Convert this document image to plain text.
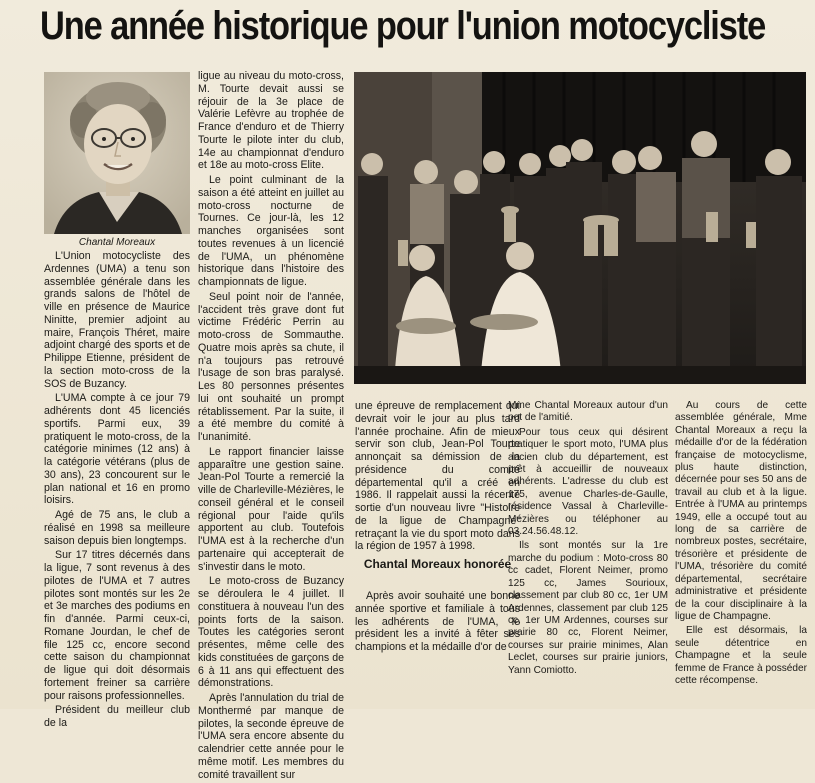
Une année historique pour l'union motocycliste
Chantal Moreaux

L'Union motocycliste des Ardennes (UMA) a tenu son assemblée générale dans les grands salons de l'hôtel de ville en présence de Maurice Ninitte, premier adjoint au maire, François Théret, maire adjoint chargé des sports et de Philippe Etienne, président de la section moto-cross de la SOS de Buzancy.

L'UMA compte à ce jour 79 adhérents dont 45 licenciés sportifs. Parmi eux, 39 pratiquent le moto-cross, de la catégorie minimes (12 ans) à la catégorie vétérans (plus de 30 ans), 23 concourent sur le plan national et 16 en promo loisirs.

Agé de 75 ans, le club a réalisé en 1998 sa meilleure saison depuis bien longtemps.

Sur 17 titres décernés dans la ligue, 7 sont revenus à des pilotes de l'UMA et 7 autres pilotes sont montés sur les 2e et 3e marches des podiums en fin d'année. Parmi ceux-ci, Romane Jourdan, le chef de file 125 cc, encore second cette saison du championnat de ligue qui doit désormais fortement freiner sa carrière pour raisons professionnelles.

Président du meilleur club de la

ligue au niveau du moto-cross, M. Tourte devait aussi se réjouir de la 3e place de Valérie Lefèvre au trophée de France d'enduro et de Thierry Tourte le pilote inter du club, 14e au championnat d'enduro et 18e au moto-cross Elite.

Le point culminant de la saison a été atteint en juillet au moto-cross nocturne de Tournes. Ce jour-là, les 12 manches organisées sont toutes revenues à un licencié de l'UMA, un phénomène historique dans l'histoire des championnats de ligue.

Seul point noir de l'année, l'accident très grave dont fut victime Frédéric Perrin au moto-cross de Sommauthe. Quatre mois après sa chute, il n'a toujours pas retrouvé l'usage de son bras paralysé. Les 80 personnes présentes lui ont souhaité un prompt rétablissement. Par la suite, il a été membre du comité à l'unanimité.

Le rapport financier laisse apparaître une gestion saine. Jean-Pol Tourte a remercié la ville de Charleville-Mézières, le conseil général et le conseil régional pour l'aide qu'ils apportent au club. Toutefois l'UMA est à la recherche d'un partenaire qui accepterait de s'investir dans le moto.

Le moto-cross de Buzancy se déroulera le 4 juillet. Il constituera à nouveau l'un des points forts de la saison. Toutes les catégories seront présentes, même celle des kids constituées de garçons de 6 à 11 ans qui effectuent des démonstrations.

Après l'annulation du trial de Monthermé par manque de pilotes, la seconde épreuve de l'UMA sera encore absente du calendrier cette année pour le même motif. Les membres du comité travaillent sur

une épreuve de remplacement qui devrait voir le jour au plus tard l'année prochaine. Afin de mieux servir son club, Jean-Pol Tourte annonçait sa démission de la présidence du comité départemental qu'il a créé en 1986. Il rappelait aussi la récente sortie d'un nouveau livre "Histoire de la ligue de Champagne" retraçant la vie du sport moto dans la région de 1957 à 1998.

Chantal Moreaux honorée

Après avoir souhaité une bonne année sportive et familiale à tous les adhérents de l'UMA, le président les a invité à fêter ses champions et la médaille d'or de

Mme Chantal Moreaux autour d'un pot de l'amitié.

Pour tous ceux qui désirent pratiquer le sport moto, l'UMA plus ancien club du département, est prêt à accueillir de nouveaux adhérents. L'adresse du club est 175, avenue Charles-de-Gaulle, résidence Vassal à Charleville-Mézières ou téléphoner au 03.24.56.48.12.

Ils sont montés sur la 1re marche du podium : Moto-cross 80 cc cadet, Florent Neimer, promo 125 cc, James Souriouх, classement par club 80 cc, 1er UM Ardennes, classement par club 125 cc, 1er UM Ardennes, courses sur prairie 80 cc, Florent Neimer, courses sur prairie minimes, Alan Leclet, courses sur prairie juniors, Yann Comiotto.

Au cours de cette assemblée générale, Mme Chantal Moreaux a reçu la médaille d'or de la fédération française de motocyclisme, plus haute distinction, décernée pour ses 50 ans de travail au club et à la ligue. Entrée à l'UMA au printemps 1949, elle a occupé tout au long de sa carrière de nombreux postes, secrétaire, trésorière et présidente de l'UMA, trésorière du comité départemental, secrétaire administrative et présidente de la cour disciplinaire à la ligue de Champagne.

Elle est désormais, la seule détentrice en Champagne et la seule femme de France à posséder cette récompense.
